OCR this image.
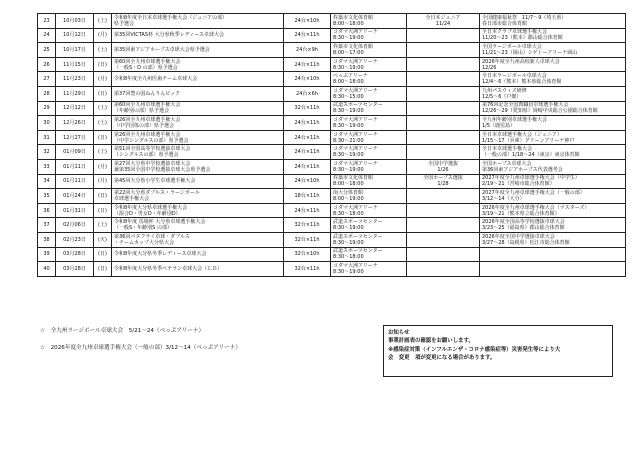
23	10月03日	(土)	令和8年度全日本卓球選手権大会（ジュニアの部）
県予選会	24台×10h	杵築市文化体育館
8:00～18:00	全日本ジュニア
11/24	全国健康福祉祭　11/7～9（埼玉県）
春日部市総合体育館

24	10月12日	(月)	第35回VICTAS杯 大分県秋季レディース卓球大会	24台×11h	コダマ大洲アリーナ
8:30～19:00		全日本クラブ卓球選手権大会
11/20～23（熊本）都山総合体育館

25	10月17日	(土)	第35回東アジアホープス卓球大会県予選会	24台×9h	杵築市文化体育館
8:00～17:00		全国ラージボール卓球大会
11/21～23（岡山）シゲトーアリーナ岡山

26	11月15日	(日)	第60回全九州卓球選手権大会
（一般S・D の部）県予選会	24台×11h	コダマ大洲アリーナ
8:30～19:00		2026年度全九州高校新人卓球大会
12/26

27	11月23日	(月)	令和8年度全九州医歯チーム卓球大会	24台×10h	べっぷアリーナ
8:00～18:00		全日本ラージボール卓球大会
12/4～6（熊本）熊本県総合体育館

28	11月29日	(日)	第37回豊の国ねんりんピック	24台×6h	コダマ大洲アリーナ
8:30～15:00		九州パスウィズ研修
12/5～6（戸畑）

29	12月12日	(土)	第60回全九州卓球選手権大会
（年齢別の部）県予選会	32台×11h	武道スポーツセンター
8:30～19:00		第76回記念全国教職員卓球選手権大会
12/26～29（愛知県）岡崎中央総合公園総合体育館

30	12月26日	(土)	第26回全九州卓球選手権大会
（中学団体の部）県予選会	24台×11h	コダマ大洲アリーナ
8:30～19:00		全九州年齢別卓球選手権大会
1/5（鹿児島）

31	12月27日	(日)	第26回全九州卓球選手権大会
（中学シングルスの部）県予選会	24台×11h	コダマ大洲アリーナ
8:30～21:00		全日本卓球選手権大会（ジュニア）
1/15～17（兵庫）グリーンアリーナ神戸

32	01月09日	(土)	第51回全国高等学校選抜卓球大会
（シングルスの部）県予選会	24台×11h	コダマ大洲アリーナ
8:30～19:00		全日本卓球選手権大会
（一般の部）1/18～24（東京）東京体育館

33	01月11日	(月)	第27回大分県中学校選抜卓球大会
兼第35回全国中学校選抜卓球大会県予選会	24台×11h	コダマ大洲アリーナ
8:30～19:00	全国中学選抜
1/26	全国ホープス卓球大会
第36回東アジアホープス代表選考会

34	01月11日	(月)	第45回大分県小学生卓球選手権大会	24台×10h	杵築市文化体育館
8:00～18:00	全国ホープス選抜
1/28	2027年度全九州卓球選手権大会（中学生）
2/19～21（宮崎市総合体育館）

35	01月24日	(日)	第22回大分県ダブルス・ラージボール
卓球選手権大会	18台×11h	南大分体育館
8:00～19:00		2027年度全九州卓球選手権大会（一般の部）
3/12～14（大分）

36	01月31日	(日)	令和8年度大分県卓球選手権大会
（混合D・男女D・年齢別D）	24台×11h	コダマ大洲アリーナ
8:30～18:00		2026年度全九州卓球選手権大会（マスターズ）
3/19～21（熊本県立総合体育館）

37	02月06日	(土)	令和8年度 馬場杯 大分県卓球選手権大会
（一般S・年齢別S の部）	32台×11h	武道スポーツセンター
8:30～19:00		2026年度全国高等学校選抜卓球大会
3/23～25（福島県）郡山総合体育館

38	02月23日	(火)	第36回パタフライ卓球・ダブルス
・チームカップ大分県大会	32台×11h	武道スポーツセンター
8:30～19:00		2026年度全国中学選抜卓球大会
3/27～28（島根県）松江市総合体育館

39	03月28日	(日)	令和8年度大分県冬季レディース卓球大会	32台×10h	武道スポーツセンター
8:30～18:00		

40	03月28日	(日)	令和8年度大分県冬季ベテラン卓球大会（ＬＢ）	32台×11h	コダマ大洲アリーナ
8:30～19:00		

☆　全九州ラージボール卓球大会　5/21～24（べっぷアリーナ）
☆　2026年度全九州卓球選手権大会（一般の部）3/12～14（べっぷアリーナ）
お知らせ
事業計画表の確認をお願いします。
※感染症対策（インフルエンザ・コロナ感染症等）災害発生等により大
会　変更　項が変更になる場合があります。
